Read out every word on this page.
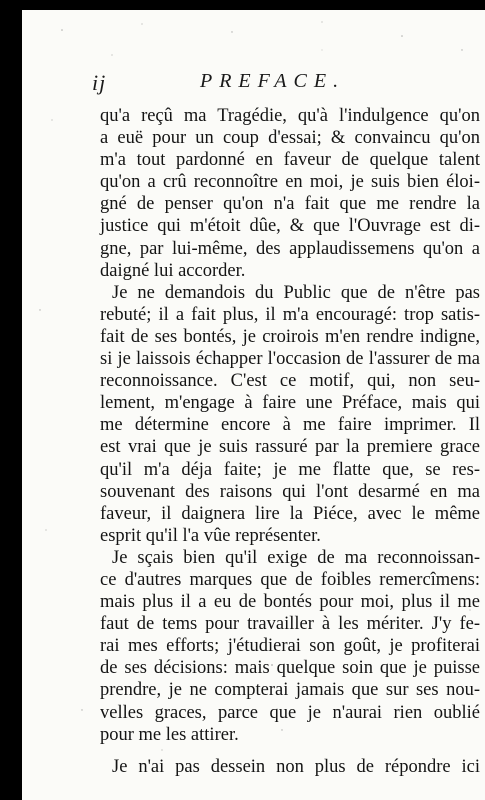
ij	PREFACE.
qu'a reçû ma Tragédie, qu'à l'indulgence qu'on
a euë pour un coup d'essai; & convaincu qu'on
m'a tout pardonné en faveur de quelque talent
qu'on a crû reconnoître en moi, je suis bien éloi-
gné de penser qu'on n'a fait que me rendre la
justice qui m'étoit dûe, & que l'Ouvrage est di-
gne, par lui-même, des applaudissemens qu'on a
daigné lui accorder.
Je ne demandois du Public que de n'être pas
rebuté; il a fait plus, il m'a encouragé: trop satis-
fait de ses bontés, je croirois m'en rendre indigne,
si je laissois échapper l'occasion de l'assurer de ma
reconnoissance. C'est ce motif, qui, non seu-
lement, m'engage à faire une Préface, mais qui
me détermine encore à me faire imprimer. Il
est vrai que je suis rassuré par la premiere grace
qu'il m'a déja faite; je me flatte que, se res-
souvenant des raisons qui l'ont desarmé en ma
faveur, il daignera lire la Piéce, avec le même
esprit qu'il l'a vûe représenter.
Je sçais bien qu'il exige de ma reconnoissan-
ce d'autres marques que de foibles remercîmens:
mais plus il a eu de bontés pour moi, plus il me
faut de tems pour travailler à les mériter. J'y fe-
rai mes efforts; j'étudierai son goût, je profiterai
de ses décisions: mais quelque soin que je puisse
prendre, je ne compterai jamais que sur ses nou-
velles graces, parce que je n'aurai rien oublié
pour me les attirer.
Je n'ai pas dessein non plus de répondre ici
